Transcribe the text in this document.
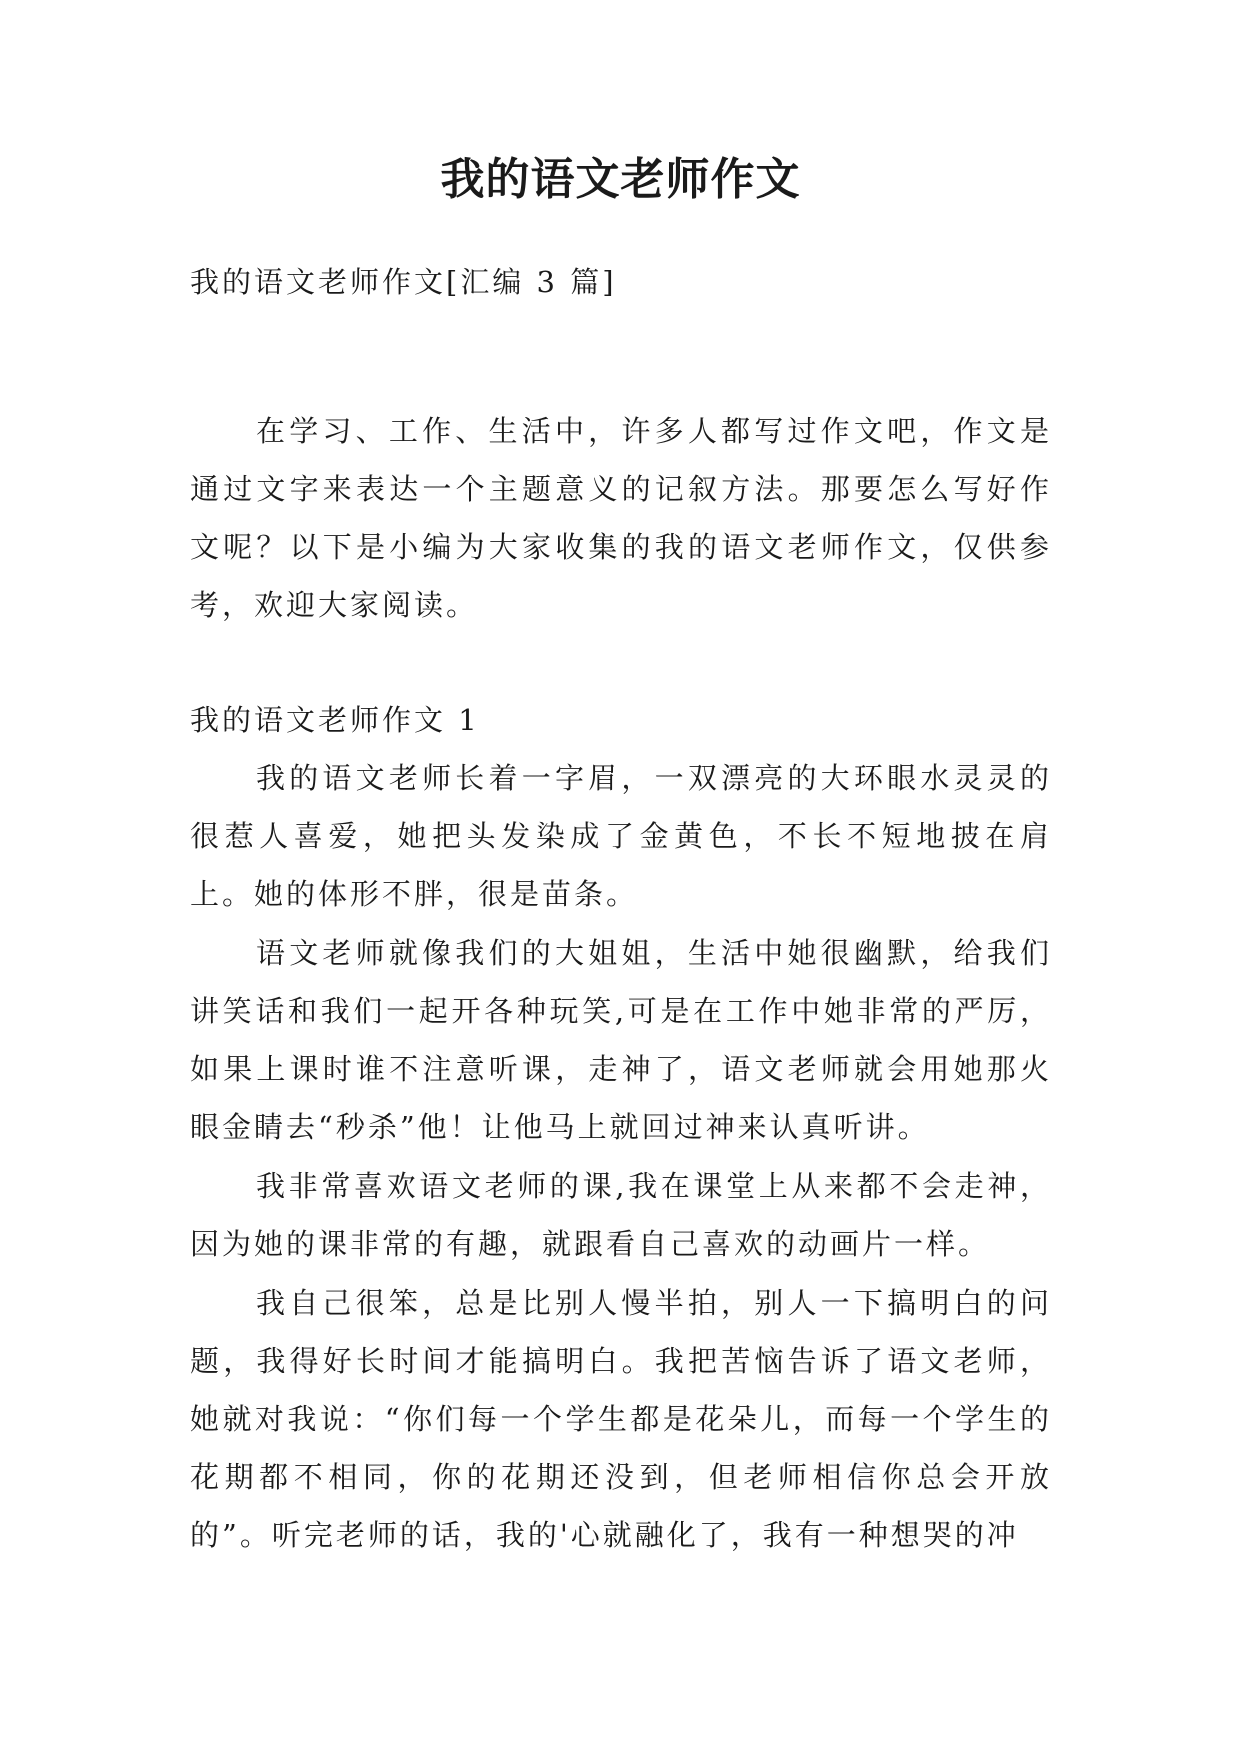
我的语文老师作文

我的语文老师作文[汇编 3 篇]

在学习、工作、生活中，许多人都写过作文吧，作文是通过文字来表达一个主题意义的记叙方法。那要怎么写好作文呢？以下是小编为大家收集的我的语文老师作文，仅供参考，欢迎大家阅读。

我的语文老师作文 1

我的语文老师长着一字眉，一双漂亮的大环眼水灵灵的很惹人喜爱，她把头发染成了金黄色，不长不短地披在肩上。她的体形不胖，很是苗条。

语文老师就像我们的大姐姐，生活中她很幽默，给我们讲笑话和我们一起开各种玩笑,可是在工作中她非常的严厉，如果上课时谁不注意听课，走神了，语文老师就会用她那火眼金睛去“秒杀”他！让他马上就回过神来认真听讲。

我非常喜欢语文老师的课,我在课堂上从来都不会走神，因为她的课非常的有趣，就跟看自己喜欢的动画片一样。

我自己很笨，总是比别人慢半拍，别人一下搞明白的问题，我得好长时间才能搞明白。我把苦恼告诉了语文老师，她就对我说：“你们每一个学生都是花朵儿，而每一个学生的花期都不相同，你的花期还没到，但老师相信你总会开放的”。听完老师的话，我的'心就融化了，我有一种想哭的冲
